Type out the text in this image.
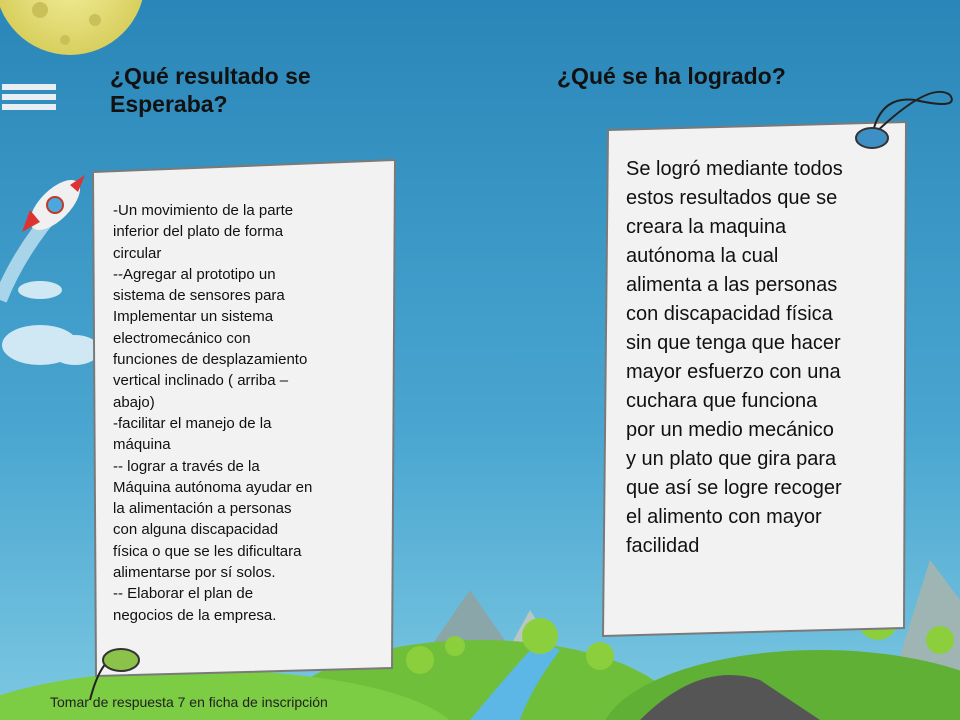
¿Qué resultado se
Esperaba?
¿Qué se ha logrado?
-Un movimiento de la parte
inferior del plato de forma
circular
--Agregar al prototipo un
sistema de sensores para
Implementar un sistema
electromecánico con
funciones de desplazamiento
vertical inclinado ( arriba –
abajo)
-facilitar el manejo de la
máquina
-- lograr a través de la
Máquina autónoma ayudar en
la alimentación a personas
con alguna discapacidad
física o que se les dificultara
alimentarse por sí solos.
-- Elaborar el plan de
negocios de la empresa.
Se logró mediante todos
estos resultados que se
creara la maquina
autónoma la cual
alimenta a las personas
con discapacidad física
sin que tenga que hacer
mayor esfuerzo con una
cuchara que funciona
por un medio mecánico
y un plato que gira para
que así se logre recoger
el alimento con mayor
facilidad
Tomar de respuesta 7 en ficha de inscripción
